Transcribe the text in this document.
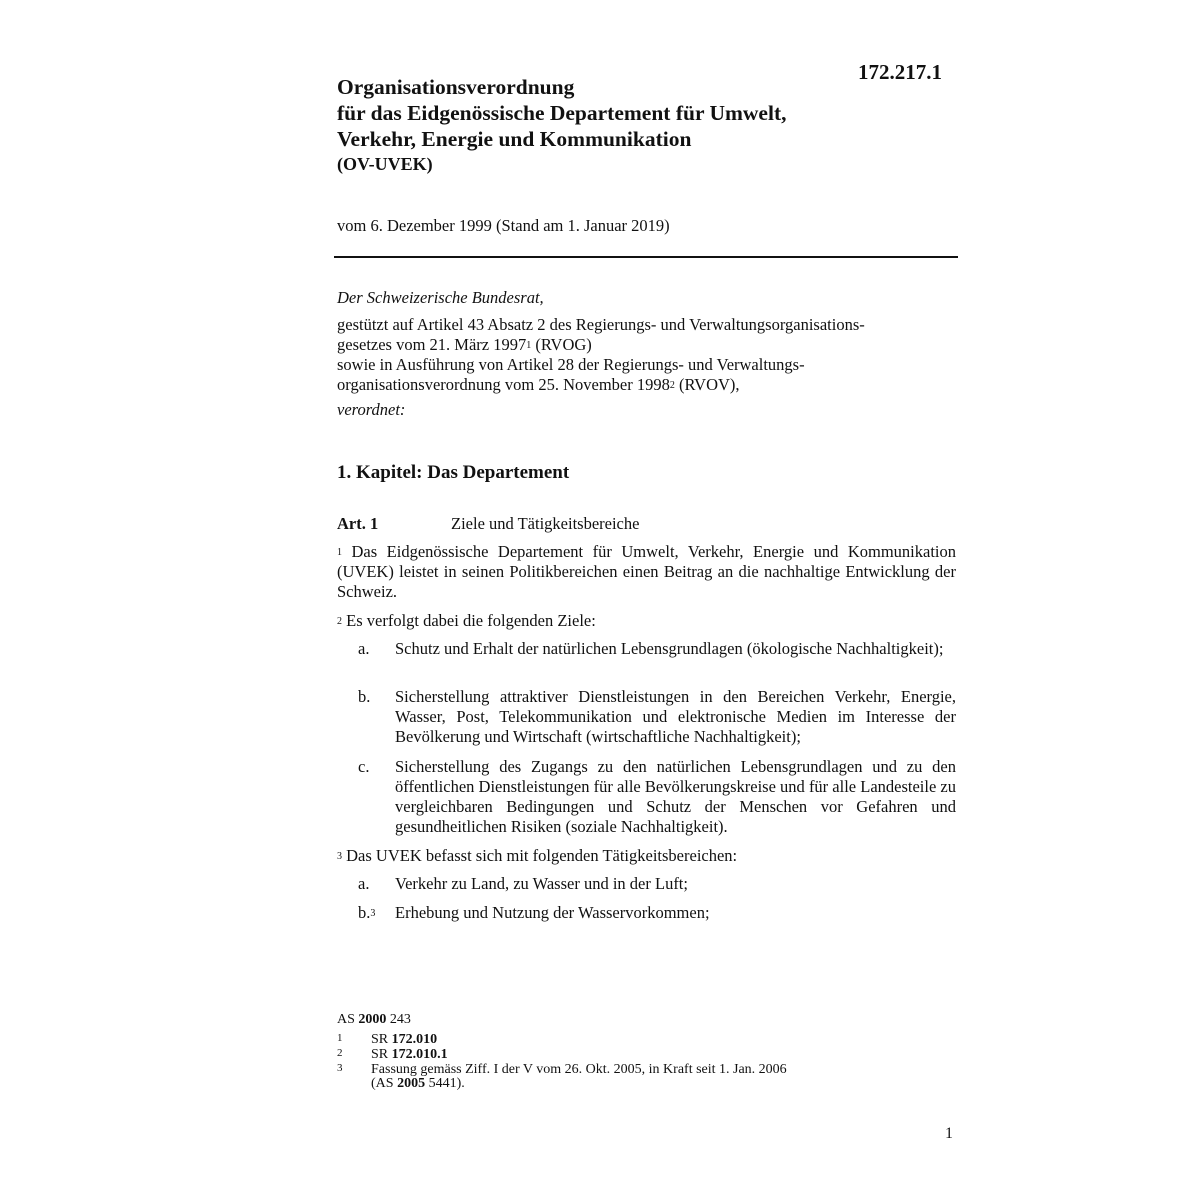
172.217.1
Organisationsverordnung
für das Eidgenössische Departement für Umwelt,
Verkehr, Energie und Kommunikation
(OV-UVEK)
vom 6. Dezember 1999 (Stand am 1. Januar 2019)
Der Schweizerische Bundesrat,
gestützt auf Artikel 43 Absatz 2 des Regierungs- und Verwaltungsorganisations-
gesetzes vom 21. März 1997$^1$ (RVOG)
sowie in Ausführung von Artikel 28 der Regierungs- und Verwaltungs-
organisationsverordnung vom 25. November 1998$^2$ (RVOV),
verordnet:
1. Kapitel: Das Departement
Art. 1	Ziele und Tätigkeitsbereiche
$^1$ Das Eidgenössische Departement für Umwelt, Verkehr, Energie und Kommunikation (UVEK) leistet in seinen Politikbereichen einen Beitrag an die nachhaltige Entwicklung der Schweiz.
$^2$ Es verfolgt dabei die folgenden Ziele:
a.	Schutz und Erhalt der natürlichen Lebensgrundlagen (ökologische Nachhaltigkeit);
b.	Sicherstellung attraktiver Dienstleistungen in den Bereichen Verkehr, Energie, Wasser, Post, Telekommunikation und elektronische Medien im Interesse der Bevölkerung und Wirtschaft (wirtschaftliche Nachhaltigkeit);
c.	Sicherstellung des Zugangs zu den natürlichen Lebensgrundlagen und zu den öffentlichen Dienstleistungen für alle Bevölkerungskreise und für alle Landesteile zu vergleichbaren Bedingungen und Schutz der Menschen vor Gefahren und gesundheitlichen Risiken (soziale Nachhaltigkeit).
$^3$ Das UVEK befasst sich mit folgenden Tätigkeitsbereichen:
a.	Verkehr zu Land, zu Wasser und in der Luft;
b.$^3$	Erhebung und Nutzung der Wasservorkommen;
AS 2000 243
1 SR 172.010
2 SR 172.010.1
3 Fassung gemäss Ziff. I der V vom 26. Okt. 2005, in Kraft seit 1. Jan. 2006
(AS 2005 5441).
1
